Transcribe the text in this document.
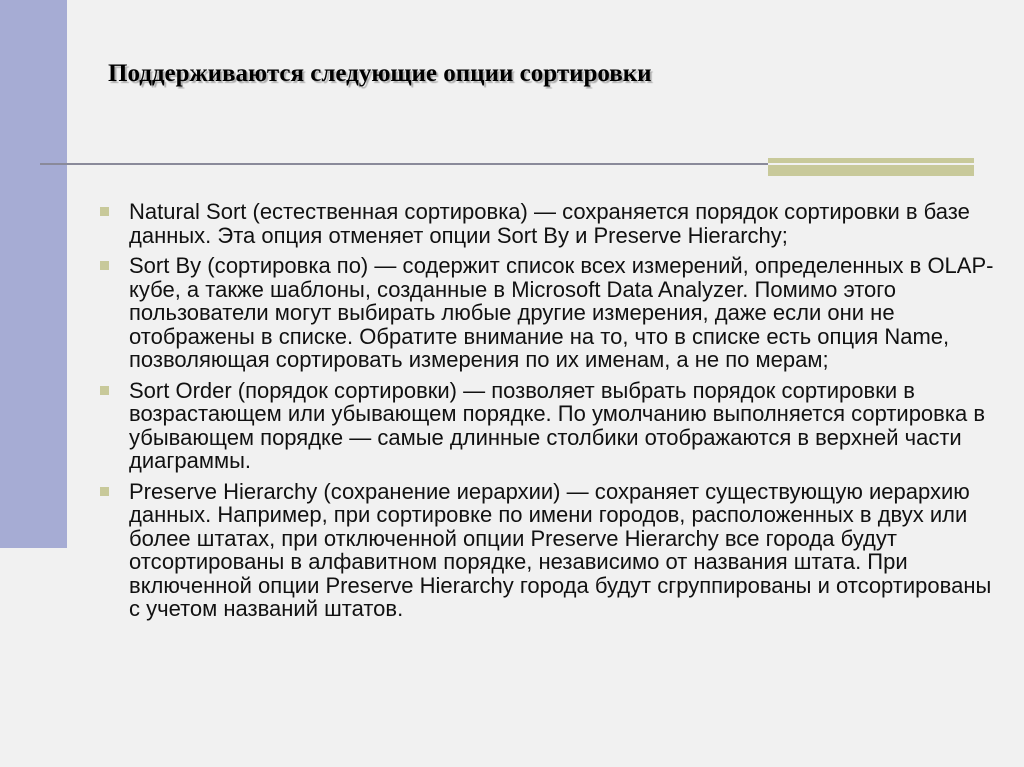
Поддерживаются следующие опции сортировки
Natural Sort (естественная сортировка) — сохраняется порядок сортировки в базе данных. Эта опция отменяет опции Sort By и Preserve Hierarchy;
Sort By (сортировка по) — содержит список всех измерений, определенных в OLAP-кубе, а также шаблоны, созданные в Microsoft Data Analyzer. Помимо этого пользователи могут выбирать любые другие измерения, даже если они не отображены в списке. Обратите внимание на то, что в списке есть опция Name, позволяющая сортировать измерения по их именам, а не по мерам;
Sort Order (порядок сортировки) — позволяет выбрать порядок сортировки в возрастающем или убывающем порядке. По умолчанию выполняется сортировка в убывающем порядке — самые длинные столбики отображаются в верхней части диаграммы.
Preserve Hierarchy (сохранение иерархии) — сохраняет существующую иерархию данных. Например, при сортировке по имени городов, расположенных в двух или более штатах, при отключенной опции Preserve Hierarchy все города будут отсортированы в алфавитном порядке, независимо от названия штата. При включенной опции Preserve Hierarchy города будут сгруппированы и отсортированы с учетом названий штатов.
